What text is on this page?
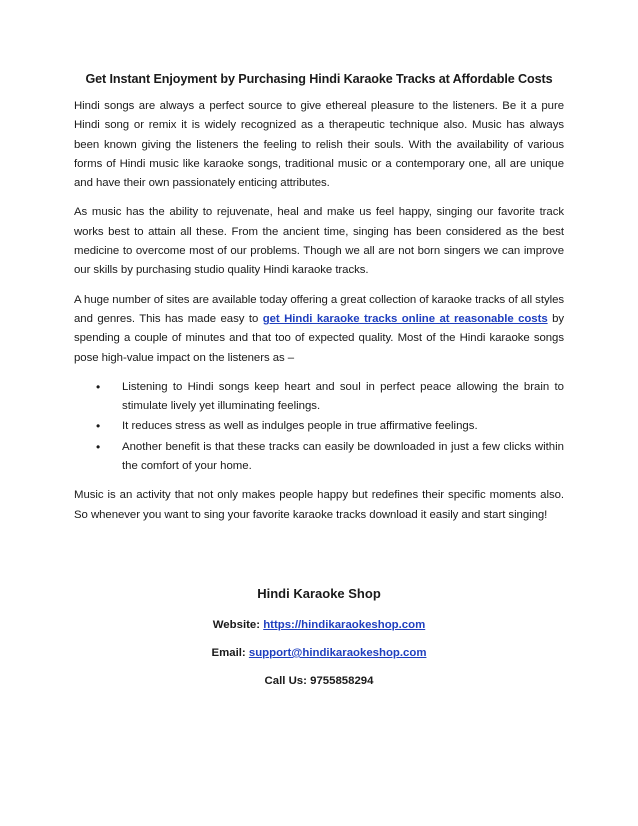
Get Instant Enjoyment by Purchasing Hindi Karaoke Tracks at Affordable Costs

Hindi songs are always a perfect source to give ethereal pleasure to the listeners. Be it a pure Hindi song or remix it is widely recognized as a therapeutic technique also. Music has always been known giving the listeners the feeling to relish their souls. With the availability of various forms of Hindi music like karaoke songs, traditional music or a contemporary one, all are unique and have their own passionately enticing attributes.

As music has the ability to rejuvenate, heal and make us feel happy, singing our favorite track works best to attain all these. From the ancient time, singing has been considered as the best medicine to overcome most of our problems. Though we all are not born singers we can improve our skills by purchasing studio quality Hindi karaoke tracks.

A huge number of sites are available today offering a great collection of karaoke tracks of all styles and genres. This has made easy to get Hindi karaoke tracks online at reasonable costs by spending a couple of minutes and that too of expected quality. Most of the Hindi karaoke songs pose high-value impact on the listeners as –

• Listening to Hindi songs keep heart and soul in perfect peace allowing the brain to stimulate lively yet illuminating feelings.
• It reduces stress as well as indulges people in true affirmative feelings.
• Another benefit is that these tracks can easily be downloaded in just a few clicks within the comfort of your home.

Music is an activity that not only makes people happy but redefines their specific moments also. So whenever you want to sing your favorite karaoke tracks download it easily and start singing!

Hindi Karaoke Shop
Website: https://hindikaraokeshop.com
Email: support@hindikaraokeshop.com
Call Us: 9755858294
